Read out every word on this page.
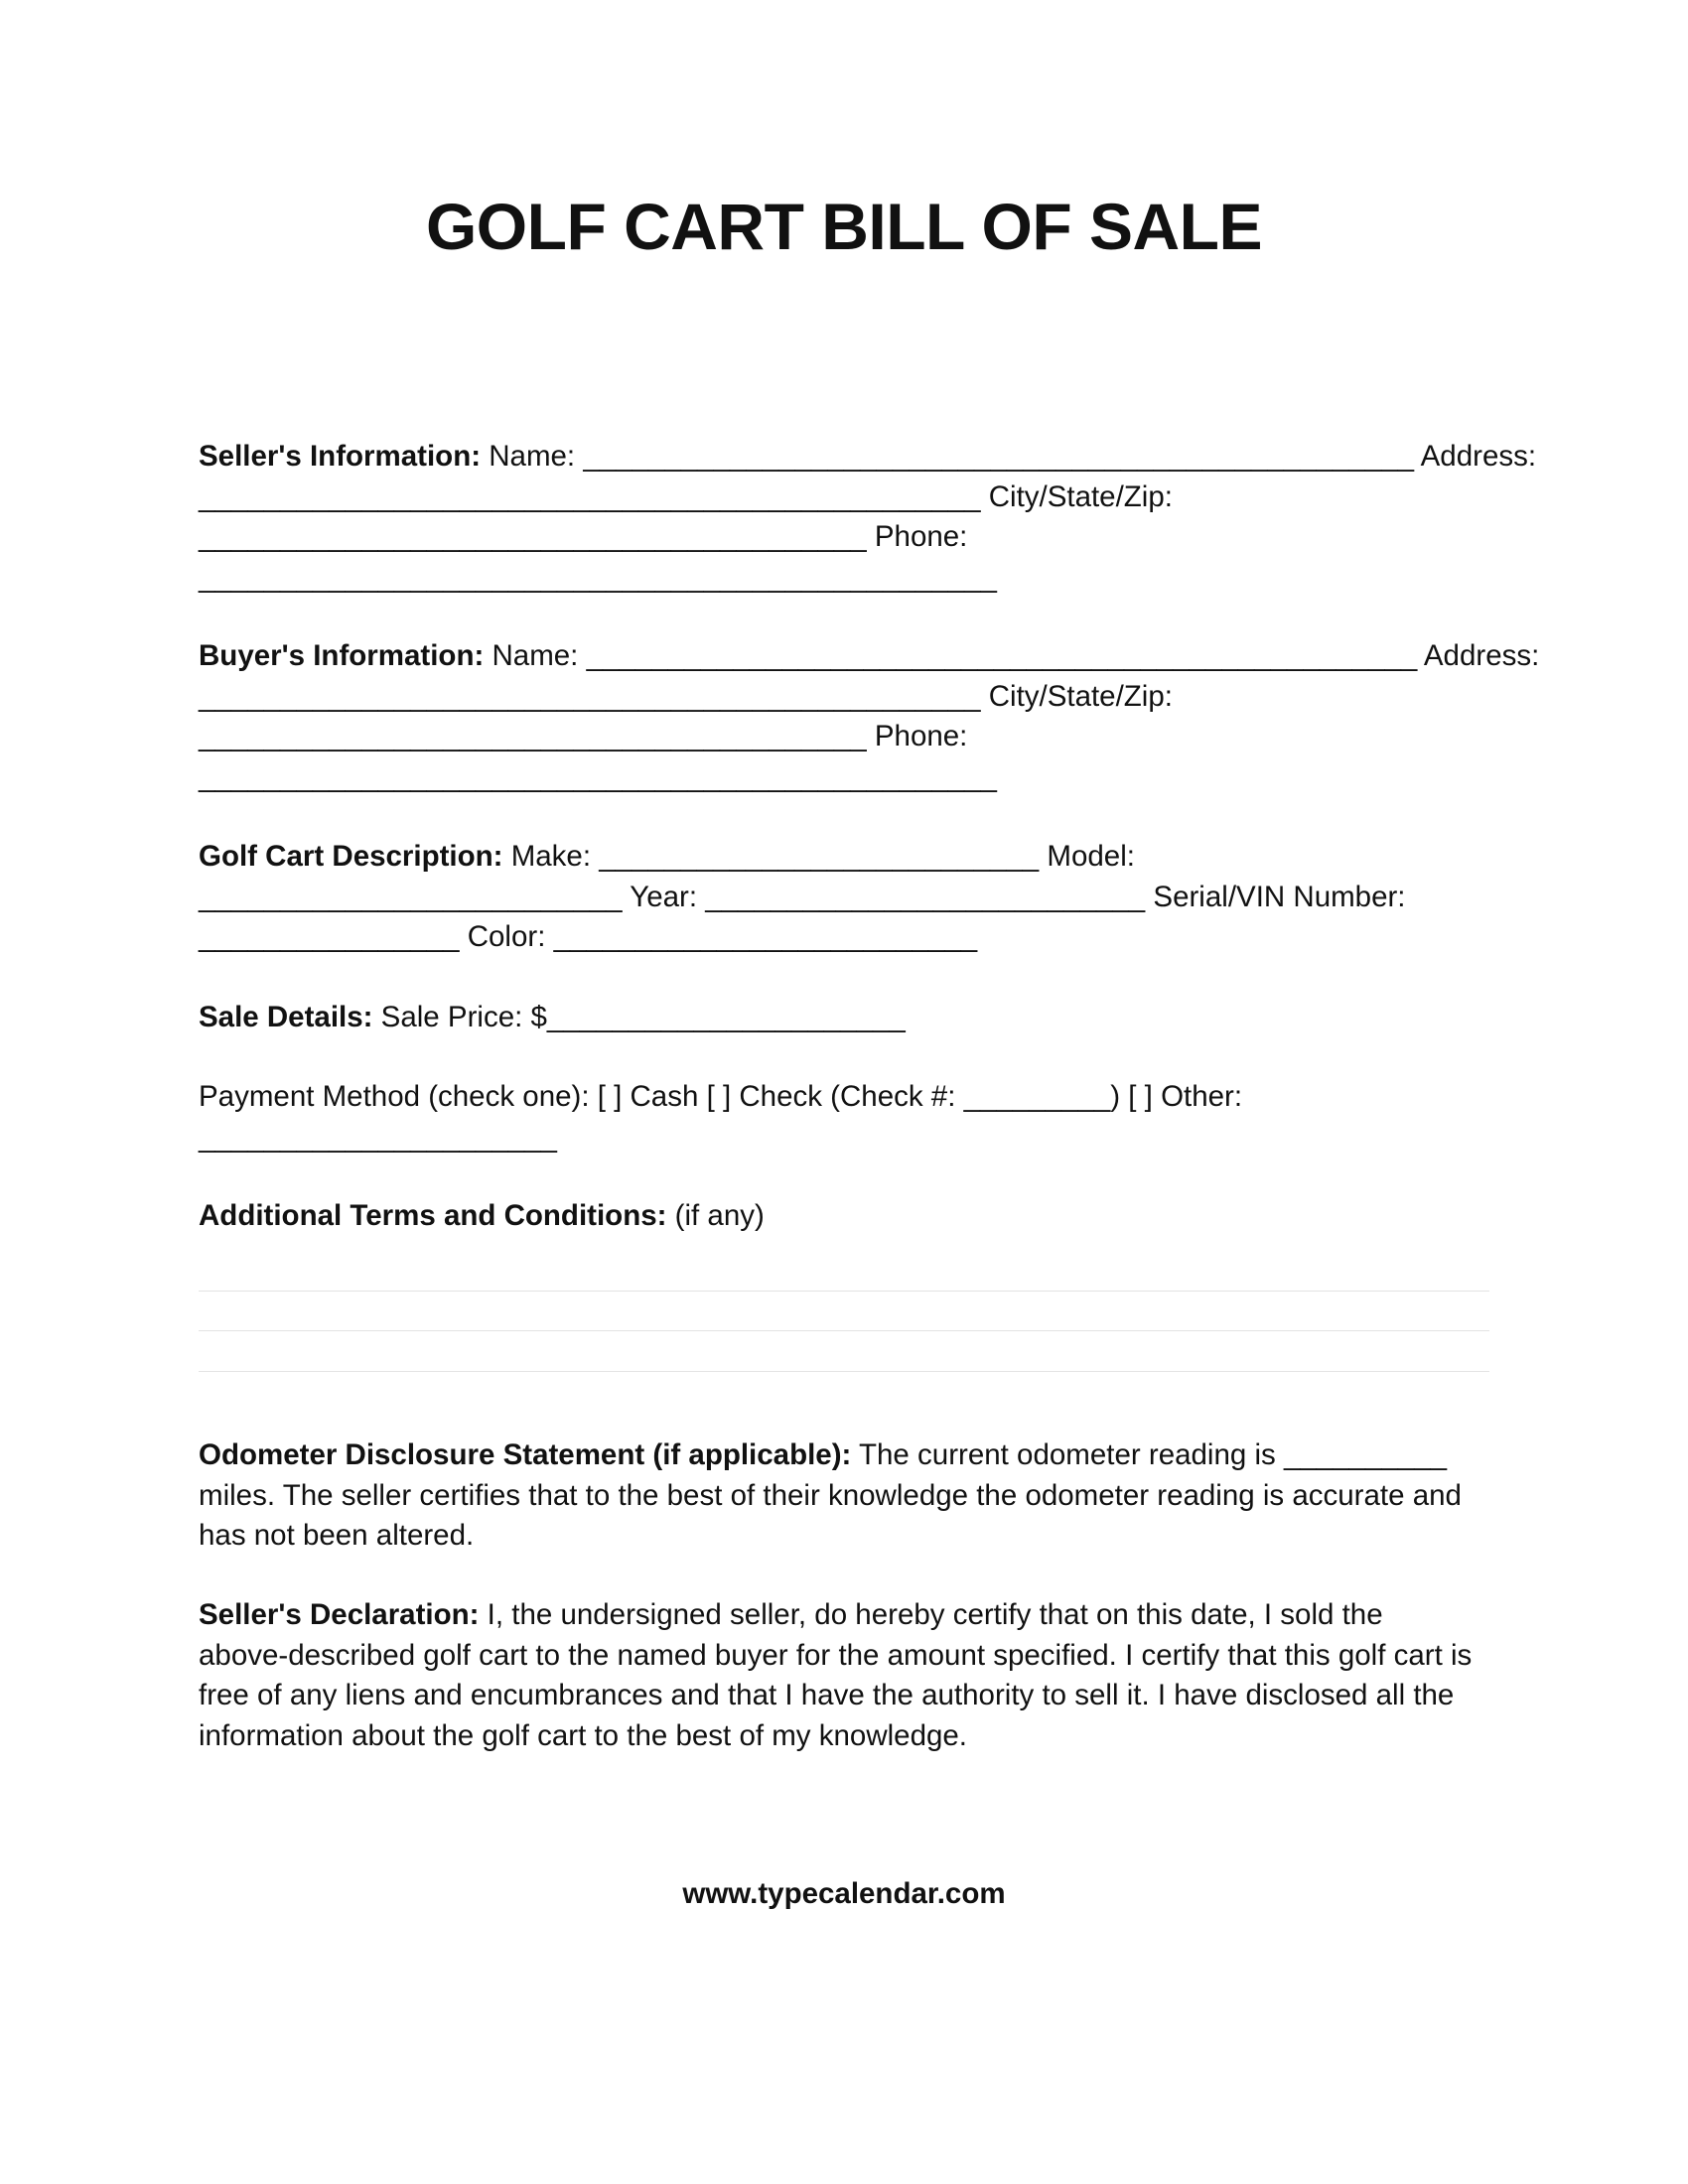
GOLF CART BILL OF SALE
Seller's Information: Name: ___________________________________________________ Address:
________________________________________________ City/State/Zip:
_________________________________________ Phone:
_________________________________________________
Buyer's Information: Name: ___________________________________________________ Address:
________________________________________________ City/State/Zip:
_________________________________________ Phone:
_________________________________________________
Golf Cart Description: Make: ___________________________ Model:
__________________________ Year: ___________________________ Serial/VIN Number:
________________ Color: __________________________
Sale Details: Sale Price: $______________________
Payment Method (check one): [ ] Cash [ ] Check (Check #: _________) [ ] Other:
______________________
Additional Terms and Conditions: (if any)
Odometer Disclosure Statement (if applicable): The current odometer reading is __________ miles. The seller certifies that to the best of their knowledge the odometer reading is accurate and has not been altered.
Seller's Declaration: I, the undersigned seller, do hereby certify that on this date, I sold the above-described golf cart to the named buyer for the amount specified. I certify that this golf cart is free of any liens and encumbrances and that I have the authority to sell it. I have disclosed all the information about the golf cart to the best of my knowledge.
www.typecalendar.com
